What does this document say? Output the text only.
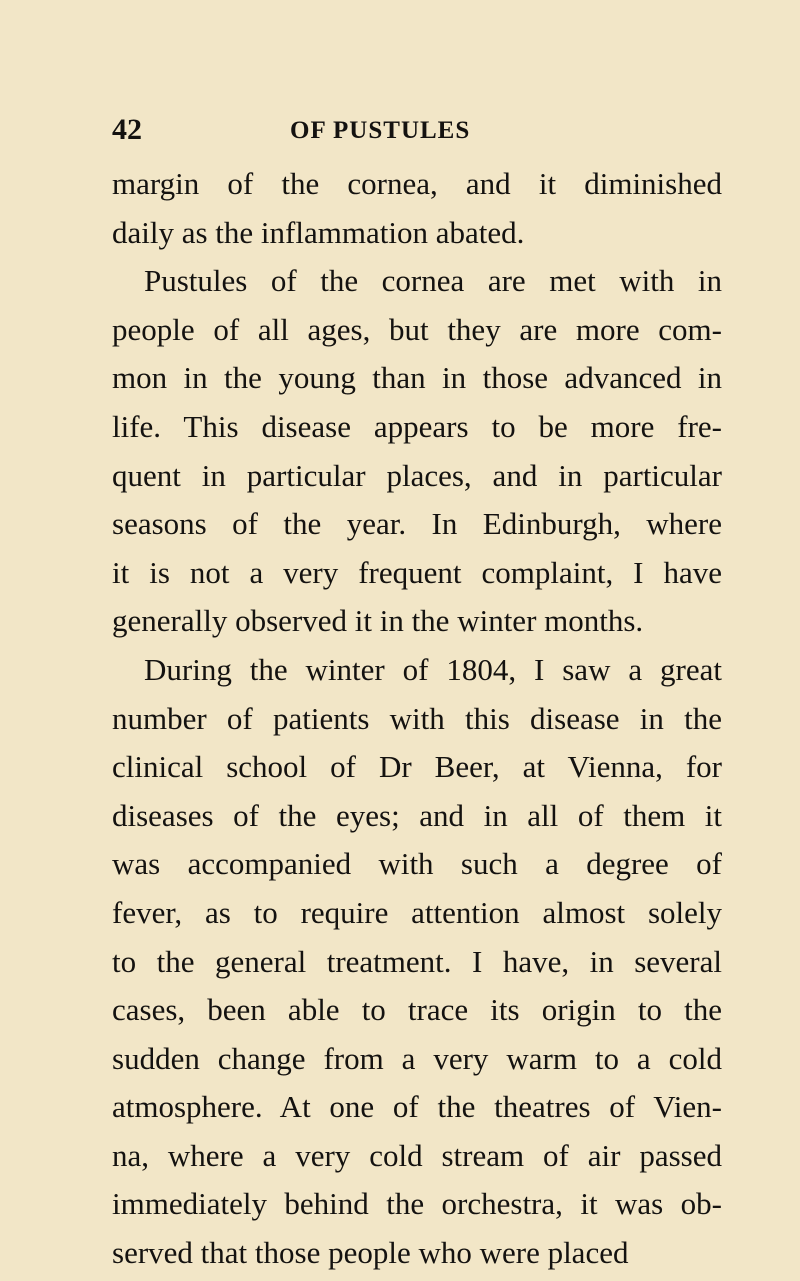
42	OF PUSTULES
margin of the cornea, and it diminished
daily as the inflammation abated.
Pustules of the cornea are met with in
people of all ages, but they are more com-
mon in the young than in those advanced in
life. This disease appears to be more fre-
quent in particular places, and in particular
seasons of the year. In Edinburgh, where
it is not a very frequent complaint, I have
generally observed it in the winter months.
During the winter of 1804, I saw a great
number of patients with this disease in the
clinical school of Dr Beer, at Vienna, for
diseases of the eyes; and in all of them it
was accompanied with such a degree of
fever, as to require attention almost solely
to the general treatment. I have, in several
cases, been able to trace its origin to the
sudden change from a very warm to a cold
atmosphere. At one of the theatres of Vien-
na, where a very cold stream of air passed
immediately behind the orchestra, it was ob-
served that those people who were placed
